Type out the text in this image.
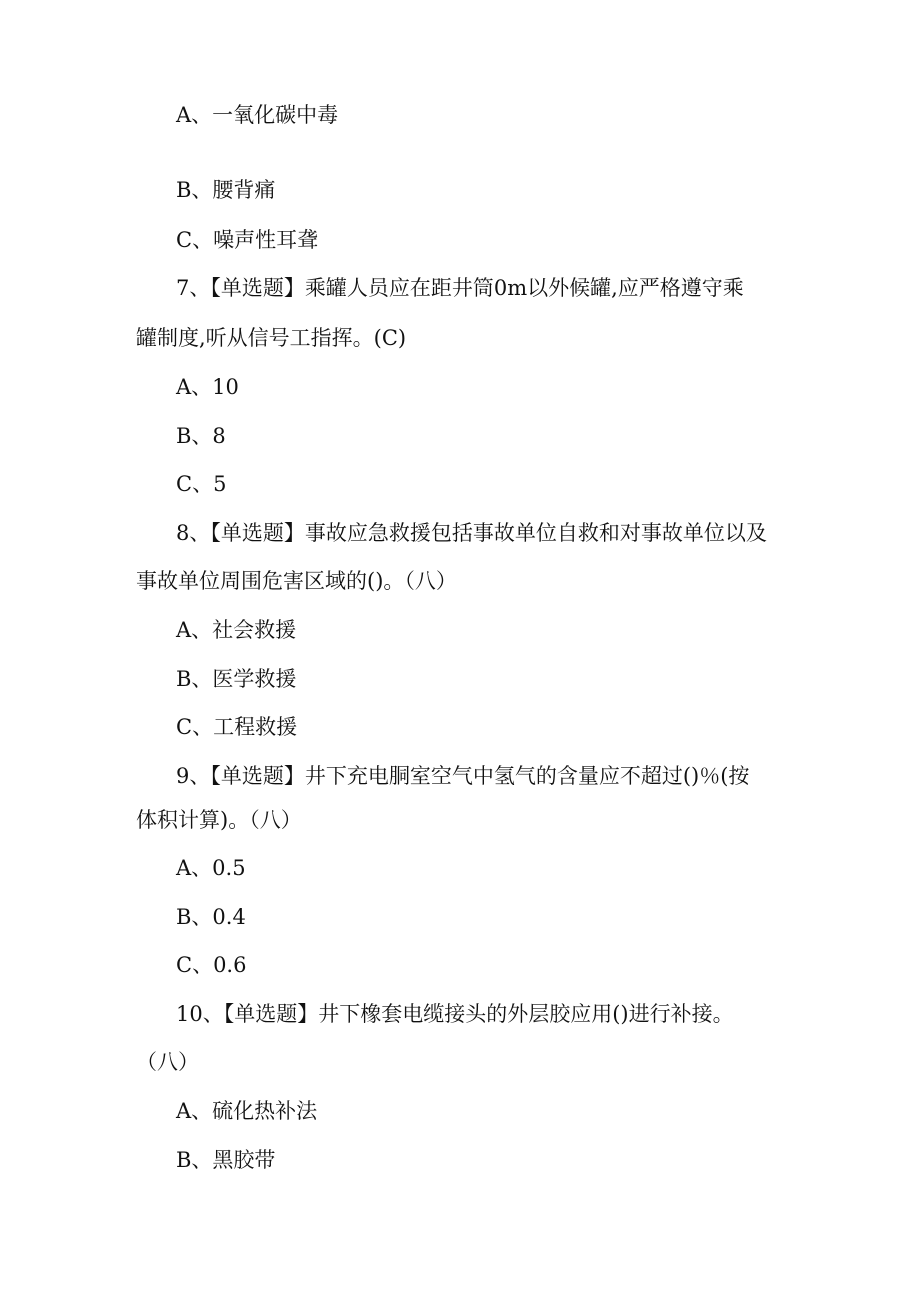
A、一氧化碳中毒
B、腰背痛
C、噪声性耳聋
7、【单选题】乘罐人员应在距井筒0m以外候罐,应严格遵守乘
罐制度,听从信号工指挥。(C)
A、10
B、8
C、5
8、【单选题】事故应急救援包括事故单位自救和对事故单位以及
事故单位周围危害区域的()。（八）
A、社会救援
B、医学救援
C、工程救援
9、【单选题】井下充电胴室空气中氢气的含量应不超过()％(按
体积计算)。（八）
A、0.5
B、0.4
C、0.6
10、【单选题】井下橡套电缆接头的外层胶应用()进行补接。
（八）
A、硫化热补法
B、黑胶带
